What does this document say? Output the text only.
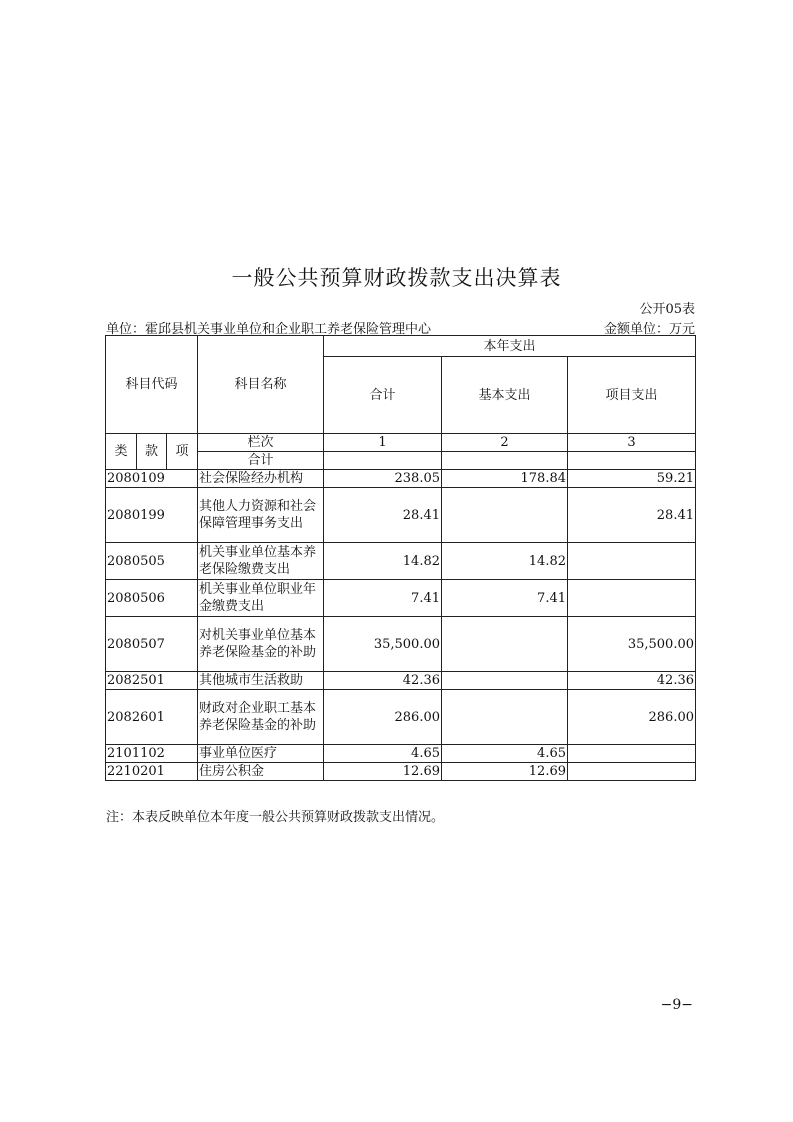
一般公共预算财政拨款支出决算表
公开05表
单位：霍邱县机关事业单位和企业职工养老保险管理中心	金额单位：万元
科目代码			科目名称	本年支出		
				合计	基本支出	项目支出
类	款	项	栏次	1	2	3
			合计			
2080109			社会保险经办机构	238.05	178.84	59.21
2080199			其他人力资源和社会保障管理事务支出	28.41		28.41
2080505			机关事业单位基本养老保险缴费支出	14.82	14.82	
2080506			机关事业单位职业年金缴费支出	7.41	7.41	
2080507			对机关事业单位基本养老保险基金的补助	35,500.00		35,500.00
2082501			其他城市生活救助	42.36		42.36
2082601			财政对企业职工基本养老保险基金的补助	286.00		286.00
2101102			事业单位医疗	4.65	4.65	
2210201			住房公积金	12.69	12.69	
注：本表反映单位本年度一般公共预算财政拨款支出情况。
−9−
